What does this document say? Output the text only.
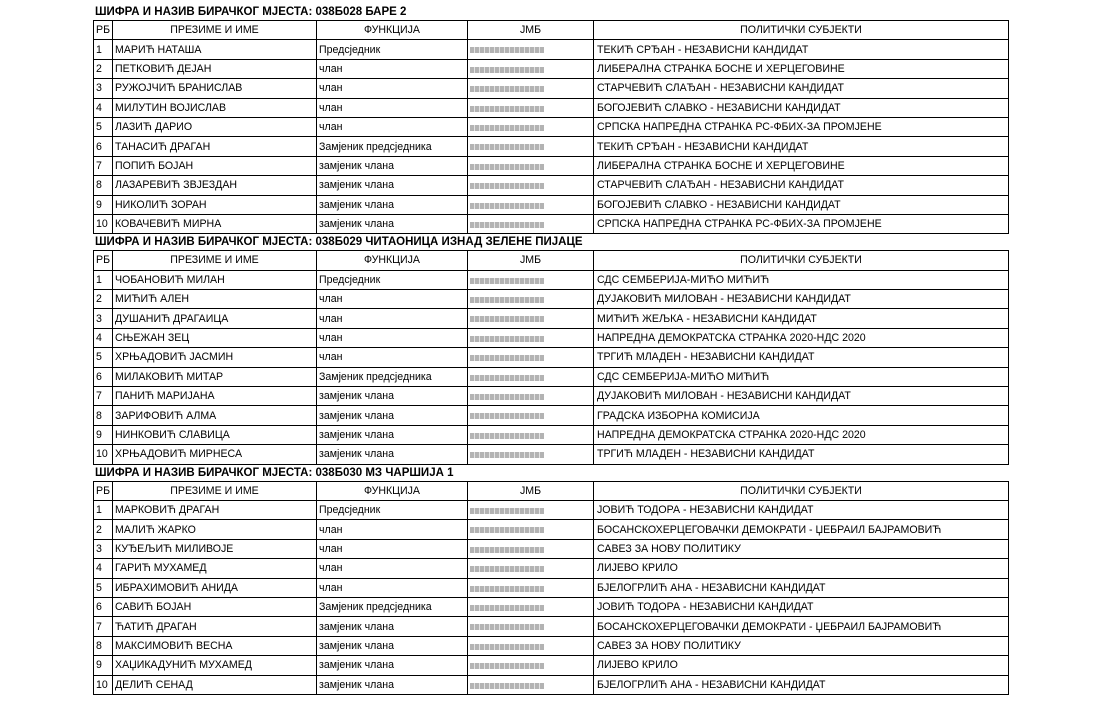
ШИФРА И НАЗИВ БИРАЧКОГ МЈЕСТА: 038Б028 БАРЕ 2
РБ	ПРЕЗИМЕ И ИМЕ	ФУНКЦИЈА	ЈМБ	ПОЛИТИЧКИ СУБЈЕКТИ
1	МАРИЋ НАТАША	Предсједник		ТЕКИЋ СРЂАН - НЕЗАВИСНИ КАНДИДАТ
2	ПЕТКОВИЋ ДЕЈАН	члан		ЛИБЕРАЛНА СТРАНКА БОСНЕ И ХЕРЦЕГОВИНЕ
3	РУЖОЈЧИЋ БРАНИСЛАВ	члан		СТАРЧЕВИЋ СЛАЂАН - НЕЗАВИСНИ КАНДИДАТ
4	МИЛУТИН ВОЈИСЛАВ	члан		БОГОЈЕВИЋ СЛАВКО - НЕЗАВИСНИ КАНДИДАТ
5	ЛАЗИЋ ДАРИО	члан		СРПСКА НАПРЕДНА СТРАНКА РС-ФБИХ-ЗА ПРОМЈЕНЕ
6	ТАНАСИЋ ДРАГАН	Замјеник предсједника		ТЕКИЋ СРЂАН - НЕЗАВИСНИ КАНДИДАТ
7	ПОПИЋ БОЈАН	замјеник члана		ЛИБЕРАЛНА СТРАНКА БОСНЕ И ХЕРЦЕГОВИНЕ
8	ЛАЗАРЕВИЋ ЗВЈЕЗДАН	замјеник члана		СТАРЧЕВИЋ СЛАЂАН - НЕЗАВИСНИ КАНДИДАТ
9	НИКОЛИЋ ЗОРАН	замјеник члана		БОГОЈЕВИЋ СЛАВКО - НЕЗАВИСНИ КАНДИДАТ
10	КОВАЧЕВИЋ МИРНА	замјеник члана		СРПСКА НАПРЕДНА СТРАНКА РС-ФБИХ-ЗА ПРОМЈЕНЕ
ШИФРА И НАЗИВ БИРАЧКОГ МЈЕСТА: 038Б029 ЧИТАОНИЦА ИЗНАД ЗЕЛЕНЕ ПИЈАЦЕ
РБ	ПРЕЗИМЕ И ИМЕ	ФУНКЦИЈА	ЈМБ	ПОЛИТИЧКИ СУБЈЕКТИ
1	ЧОБАНОВИЋ МИЛАН	Предсједник		СДС СЕМБЕРИЈА-МИЋО МИЋИЋ
2	МИЋИЋ АЛЕН	члан		ДУЈАКОВИЋ МИЛОВАН - НЕЗАВИСНИ КАНДИДАТ
3	ДУШАНИЋ ДРАГАИЦА	члан		МИЋИЋ ЖЕЉКА - НЕЗАВИСНИ КАНДИДАТ
4	СЊЕЖАН ЗЕЦ	члан		НАПРЕДНА ДЕМОКРАТСКА СТРАНКА 2020-НДС 2020
5	ХРЊАДОВИЋ ЈАСМИН	члан		ТРГИЋ МЛАДЕН - НЕЗАВИСНИ КАНДИДАТ
6	МИЛАКОВИЋ МИТАР	Замјеник предсједника		СДС СЕМБЕРИЈА-МИЋО МИЋИЋ
7	ПАНИЋ МАРИЈАНА	замјеник члана		ДУЈАКОВИЋ МИЛОВАН - НЕЗАВИСНИ КАНДИДАТ
8	ЗАРИФОВИЋ АЛМА	замјеник члана		ГРАДСКА ИЗБОРНА КОМИСИЈА
9	НИНКОВИЋ СЛАВИЦА	замјеник члана		НАПРЕДНА ДЕМОКРАТСКА СТРАНКА 2020-НДС 2020
10	ХРЊАДОВИЋ МИРНЕСА	замјеник члана		ТРГИЋ МЛАДЕН - НЕЗАВИСНИ КАНДИДАТ
ШИФРА И НАЗИВ БИРАЧКОГ МЈЕСТА: 038Б030 МЗ ЧАРШИЈА 1
РБ	ПРЕЗИМЕ И ИМЕ	ФУНКЦИЈА	ЈМБ	ПОЛИТИЧКИ СУБЈЕКТИ
1	МАРКОВИЋ ДРАГАН	Предсједник		ЈОВИЋ ТОДОРА - НЕЗАВИСНИ КАНДИДАТ
2	МАЛИЋ ЖАРКО	члан		БОСАНСКОХЕРЦЕГОВАЧКИ ДЕМОКРАТИ - ЏЕБРАИЛ БАЈРАМОВИЋ
3	КУЂЕЉИЋ МИЛИВОЈЕ	члан		САВЕЗ ЗА НОВУ ПОЛИТИКУ
4	ГАРИЋ МУХАМЕД	члан		ЛИЈЕВО КРИЛО
5	ИБРАХИМОВИЋ АНИДА	члан		БЈЕЛОГРЛИЋ АНА - НЕЗАВИСНИ КАНДИДАТ
6	САВИЋ БОЈАН	Замјеник предсједника		ЈОВИЋ ТОДОРА - НЕЗАВИСНИ КАНДИДАТ
7	ЋАТИЋ ДРАГАН	замјеник члана		БОСАНСКОХЕРЦЕГОВАЧКИ ДЕМОКРАТИ - ЏЕБРАИЛ БАЈРАМОВИЋ
8	МАКСИМОВИЋ ВЕСНА	замјеник члана		САВЕЗ ЗА НОВУ ПОЛИТИКУ
9	ХАЏИКАДУНИЋ МУХАМЕД	замјеник члана		ЛИЈЕВО КРИЛО
10	ДЕЛИЋ СЕНАД	замјеник члана		БЈЕЛОГРЛИЋ АНА - НЕЗАВИСНИ КАНДИДАТ
